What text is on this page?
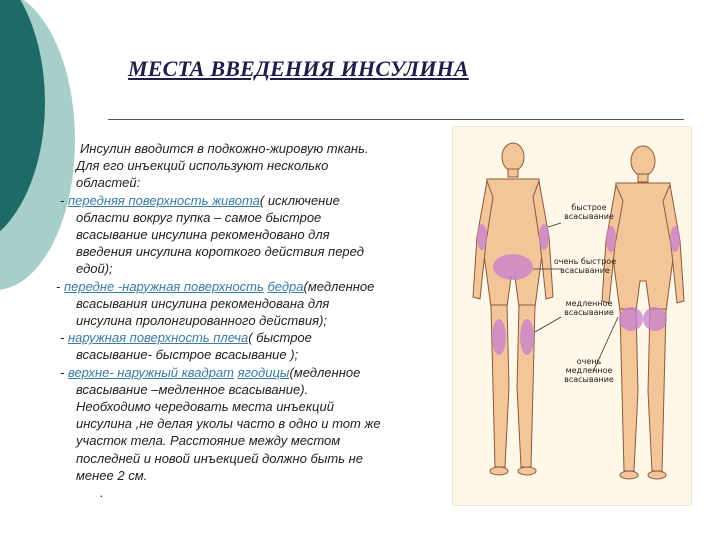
МЕСТА ВВЕДЕНИЯ ИНСУЛИНА
Инсулин вводится в подкожно-жировую ткань.
Для его инъекций используют несколько
областей:
- передняя поверхность живота( исключение
области вокруг пупка – самое быстрое
всасывание инсулина рекомендовано для
введения инсулина короткого действия перед
едой);
- передне -наружная поверхность бедра(медленное
всасывания инсулина рекомендована для
инсулина пролонгированного действия);
- наружная поверхность плеча( быстрое
всасывание- быстрое всасывание );
- верхне- наружный квадрат ягодицы(медленное
всасывание –медленное всасывание).
Необходимо чередовать места инъекций
инсулина ,не делая уколы часто в одно и тот же
участок тела. Расстояние между местом
последней и новой инъекцией должно быть не
менее 2 см.
.
быстрое всасывание
очень быстрое всасывание
медленное всасывание
очень медленное всасывание
